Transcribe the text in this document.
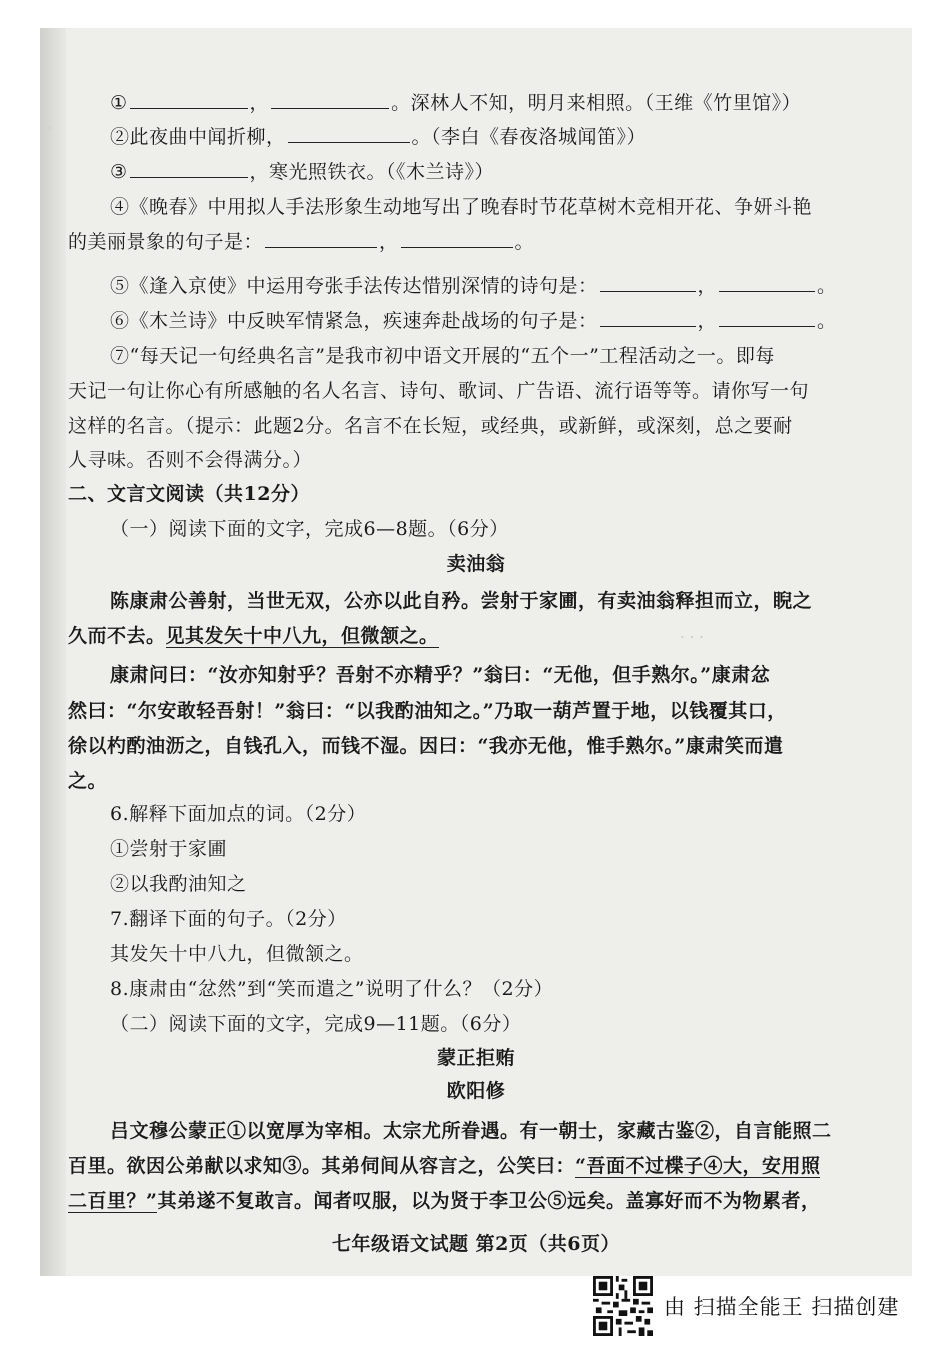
◦
· · ·
①	，	。深林人不知，明月来相照。（王维《竹里馆》）
②此夜曲中闻折柳，	。（李白《春夜洛城闻笛》）
③	，寒光照铁衣。（《木兰诗》）
④《晚春》中用拟人手法形象生动地写出了晚春时节花草树木竞相开花、争妍斗艳
的美丽景象的句子是：	，	。
⑤《逢入京使》中运用夸张手法传达惜别深情的诗句是：	，	。
⑥《木兰诗》中反映军情紧急，疾速奔赴战场的句子是：	，	。
⑦“每天记一句经典名言”是我市初中语文开展的“五个一”工程活动之一。即每
天记一句让你心有所感触的名人名言、诗句、歌词、广告语、流行语等等。请你写一句
这样的名言。（提示：此题2分。名言不在长短，或经典，或新鲜，或深刻，总之要耐
人寻味。否则不会得满分。）
二、文言文阅读（共12分）
（一）阅读下面的文字，完成6—8题。（6分）
卖油翁
陈康肃公善射，当世无双，公亦以此自矜。尝射于家圃，有卖油翁释担而立，睨之
久而不去。见其发矢十中八九，但微颔之。
康肃问曰：“汝亦知射乎？吾射不亦精乎？”翁曰：“无他，但手熟尔。”康肃忿
然曰：“尔安敢轻吾射！”翁曰：“以我酌油知之。”乃取一葫芦置于地，以钱覆其口，
徐以杓酌油沥之，自钱孔入，而钱不湿。因曰：“我亦无他，惟手熟尔。”康肃笑而遣
之。
6.解释下面加点的词。（2分）
①尝射于家圃
②以我酌油知之
7.翻译下面的句子。（2分）
其发矢十中八九，但微颔之。
8.康肃由“忿然”到“笑而遣之”说明了什么？（2分）
（二）阅读下面的文字，完成9—11题。（6分）
蒙正拒贿
欧阳修
吕文穆公蒙正①以宽厚为宰相。太宗尤所眷遇。有一朝士，家藏古鉴②，自言能照二
百里。欲因公弟献以求知③。其弟伺间从容言之，公笑曰：“吾面不过楪子④大，安用照
二百里？”其弟遂不复敢言。闻者叹服，以为贤于李卫公⑤远矣。盖寡好而不为物累者，
七年级语文试题 第2页（共6页）
由 扫描全能王 扫描创建
